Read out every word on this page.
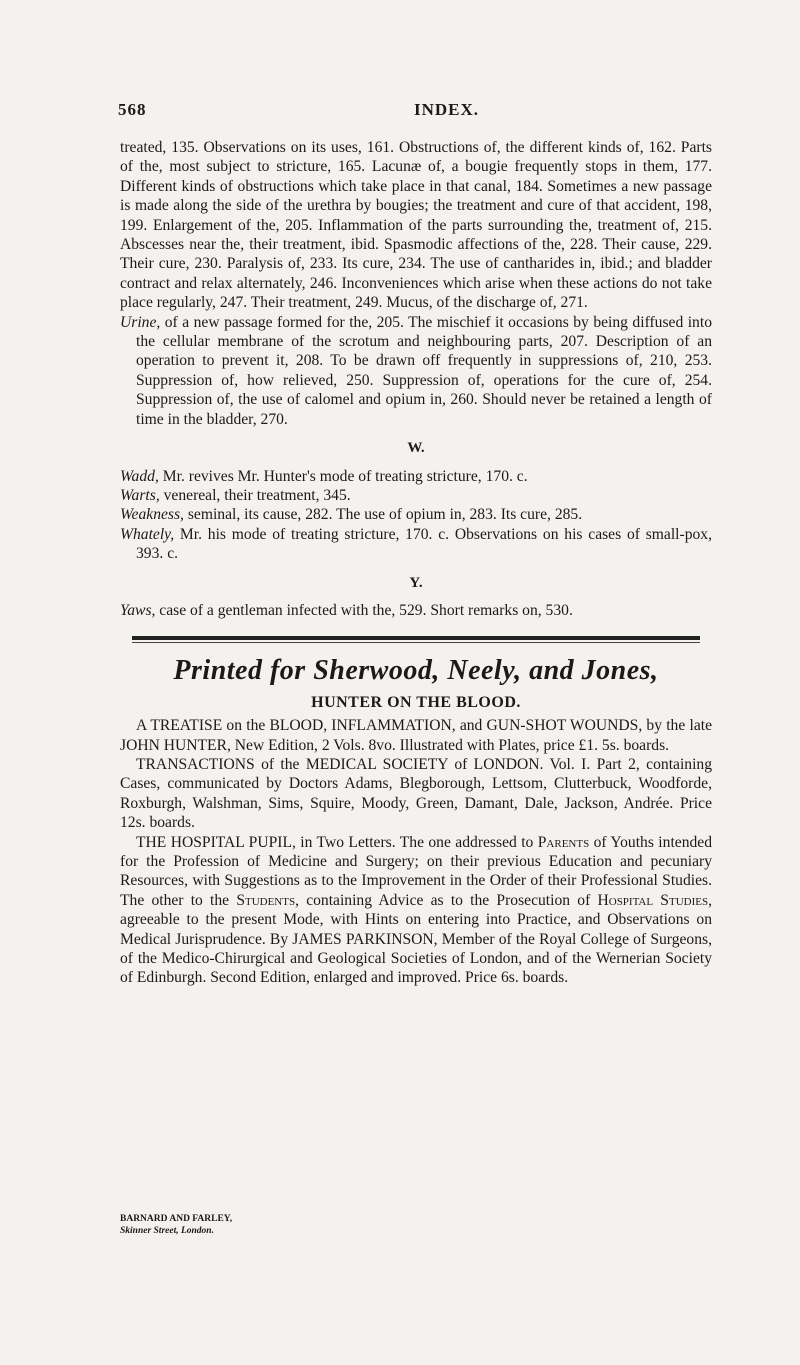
568	INDEX.

treated, 135. Observations on its uses, 161. Obstructions of, the different kinds of, 162. Parts of the, most subject to stricture, 165. Lacunæ of, a bougie frequently stops in them, 177. Different kinds of obstructions which take place in that canal, 184. Sometimes a new passage is made along the side of the urethra by bougies; the treatment and cure of that accident, 198, 199. Enlargement of the, 205. Inflammation of the parts surrounding the, treatment of, 215. Abscesses near the, their treatment, ibid. Spasmodic affections of the, 228. Their cause, 229. Their cure, 230. Paralysis of, 233. Its cure, 234. The use of cantharides in, ibid.; and bladder contract and relax alternately, 246. Inconveniences which arise when these actions do not take place regularly, 247. Their treatment, 249. Mucus, of the discharge of, 271.

Urine, of a new passage formed for the, 205. The mischief it occasions by being diffused into the cellular membrane of the scrotum and neighbouring parts, 207. Description of an operation to prevent it, 208. To be drawn off frequently in suppressions of, 210, 253. Suppression of, how relieved, 250. Suppression of, operations for the cure of, 254. Suppression of, the use of calomel and opium in, 260. Should never be retained a length of time in the bladder, 270.

W.

Wadd, Mr. revives Mr. Hunter's mode of treating stricture, 170. c.

Warts, venereal, their treatment, 345.

Weakness, seminal, its cause, 282. The use of opium in, 283. Its cure, 285.

Whately, Mr. his mode of treating stricture, 170. c. Observations on his cases of small-pox, 393. c.

Y.

Yaws, case of a gentleman infected with the, 529. Short remarks on, 530.

Printed for Sherwood, Neely, and Jones,
HUNTER ON THE BLOOD.

A TREATISE on the BLOOD, INFLAMMATION, and GUN-SHOT WOUNDS, by the late JOHN HUNTER, New Edition, 2 Vols. 8vo. Illustrated with Plates, price £1. 5s. boards.

TRANSACTIONS of the MEDICAL SOCIETY of LONDON. Vol. I. Part 2, containing Cases, communicated by Doctors Adams, Blegborough, Lettsom, Clutterbuck, Woodforde, Roxburgh, Walshman, Sims, Squire, Moody, Green, Damant, Dale, Jackson, Andrée. Price 12s. boards.

THE HOSPITAL PUPIL, in Two Letters. The one addressed to Parents of Youths intended for the Profession of Medicine and Surgery; on their previous Education and pecuniary Resources, with Suggestions as to the Improvement in the Order of their Professional Studies. The other to the Students, containing Advice as to the Prosecution of Hospital Studies, agreeable to the present Mode, with Hints on entering into Practice, and Observations on Medical Jurisprudence. By JAMES PARKINSON, Member of the Royal College of Surgeons, of the Medico-Chirurgical and Geological Societies of London, and of the Wernerian Society of Edinburgh. Second Edition, enlarged and improved. Price 6s. boards.

BARNARD AND FARLEY,
Skinner Street, London.
